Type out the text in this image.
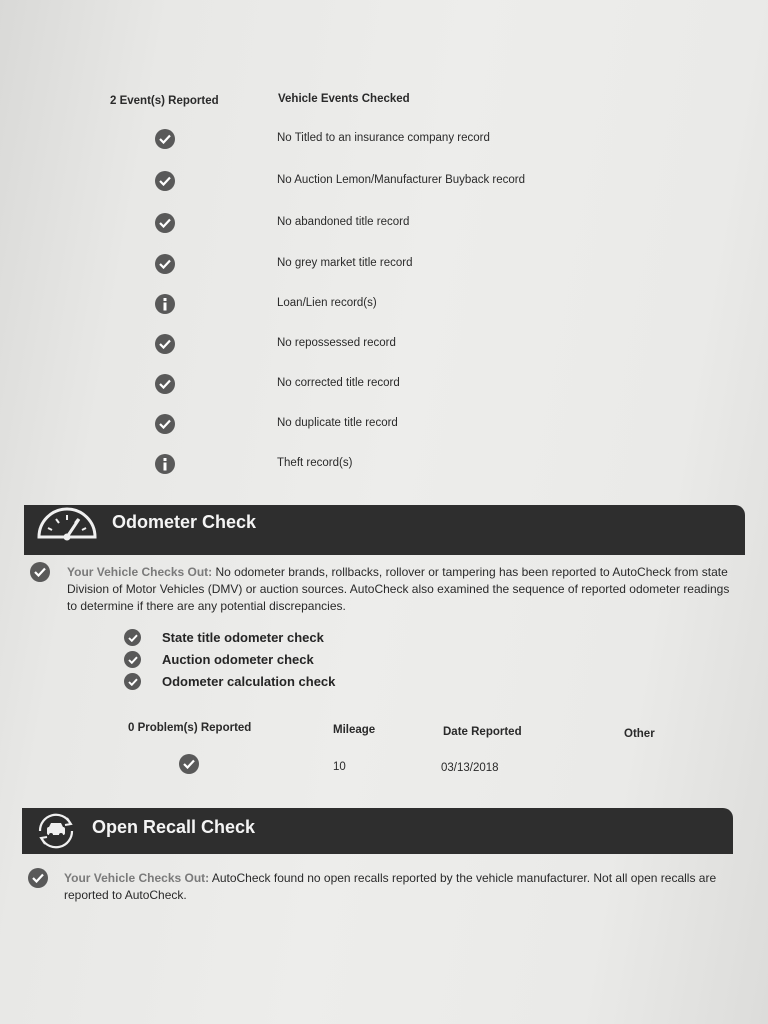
2 Event(s) Reported	Vehicle Events Checked
No Titled to an insurance company record
No Auction Lemon/Manufacturer Buyback record
No abandoned title record
No grey market title record
Loan/Lien record(s)
No repossessed record
No corrected title record
No duplicate title record
Theft record(s)
Odometer Check
Your Vehicle Checks Out: No odometer brands, rollbacks, rollover or tampering has been reported to AutoCheck from state Division of Motor Vehicles (DMV) or auction sources. AutoCheck also examined the sequence of reported odometer readings to determine if there are any potential discrepancies.
State title odometer check
Auction odometer check
Odometer calculation check
0 Problem(s) Reported	Mileage	Date Reported	Other
10	03/13/2018
Open Recall Check
Your Vehicle Checks Out: AutoCheck found no open recalls reported by the vehicle manufacturer. Not all open recalls are reported to AutoCheck.
